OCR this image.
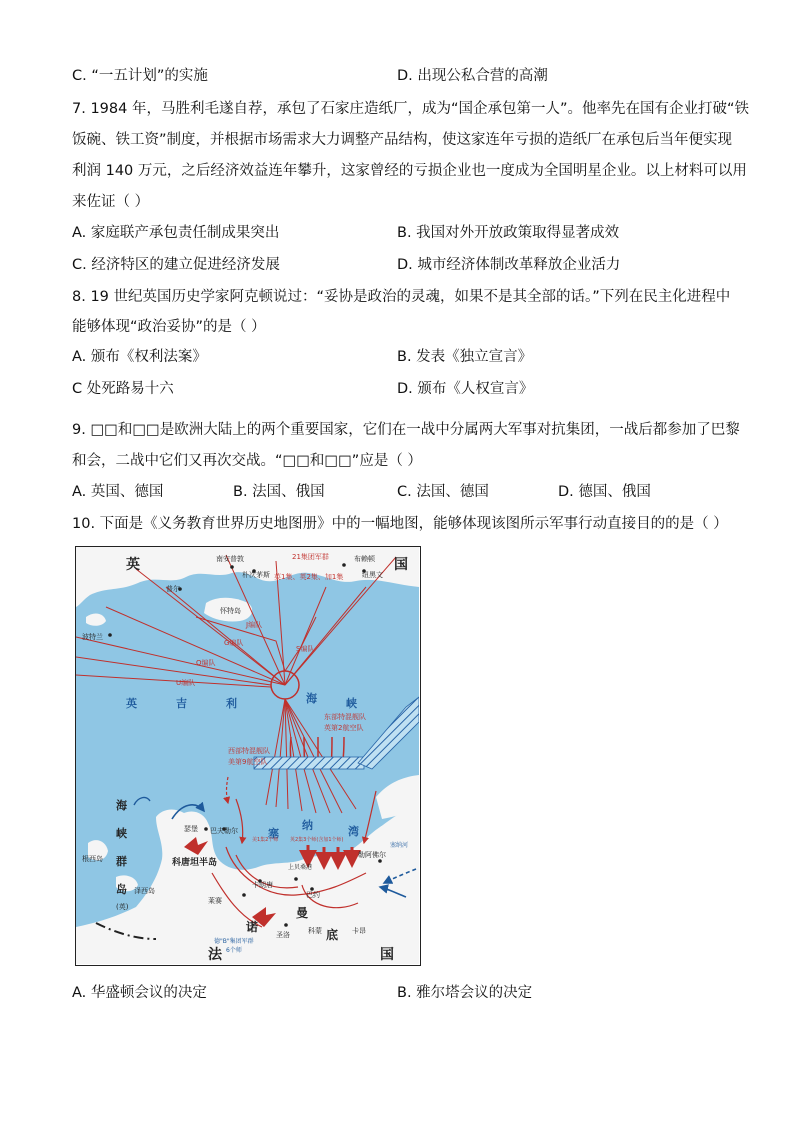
C. “一五计划”的实施	D. 出现公私合营的高潮
7. 1984 年，马胜利毛遂自荐，承包了石家庄造纸厂，成为“国企承包第一人”。他率先在国有企业打破“铁
饭碗、铁工资”制度，并根据市场需求大力调整产品结构，使这家连年亏损的造纸厂在承包后当年便实现
利润 140 万元，之后经济效益连年攀升，这家曾经的亏损企业也一度成为全国明星企业。以上材料可以用
来佐证（ ）
A. 家庭联产承包责任制成果突出	B. 我国对外开放政策取得显著成效
C. 经济特区的建立促进经济发展	D. 城市经济体制改革释放企业活力
8. 19 世纪英国历史学家阿克顿说过：“妥协是政治的灵魂，如果不是其全部的话。”下列在民主化进程中
能够体现“政治妥协”的是（ ）
A. 颁布《权利法案》	B. 发表《独立宣言》
C 处死路易十六	D. 颁布《人权宣言》
9. □□和□□是欧洲大陆上的两个重要国家，它们在一战中分属两大军事对抗集团，一战后都参加了巴黎
和会，二战中它们又再次交战。“□□和□□”应是（ ）
A. 英国、德国	B. 法国、俄国	C. 法国、德国	D. 德国、俄国
10. 下面是《义务教育世界历史地图册》中的一幅地图，能够体现该图所示军事行动直接目的的是（ ）
英	国
法	国
英	吉	利	海	峡
塞
纳	湾
诺
曼
底
海
峡
群
岛
(英)
南安普敦
朴次茅斯
布赖顿
纽黑文
普尔
波特兰
怀特岛
21集团军群
英1集、英2集、加1集
J编队
G编队
S编队
O编队
U编队
东部特混舰队
英第2航空队
西部特混舰队
美第9航空队
瑟堡 巴夫勒尔
科唐坦半岛
勒阿佛尔
上贝桑港
巴约
卡朗唐
莱赛
圣洛	科蒙	卡昂
根西岛
泽西岛
德"B"集团军群
6个师
美1集2个师 英2集3个师(含加1个师)
塞纳河
A. 华盛顿会议的决定	B. 雅尔塔会议的决定
